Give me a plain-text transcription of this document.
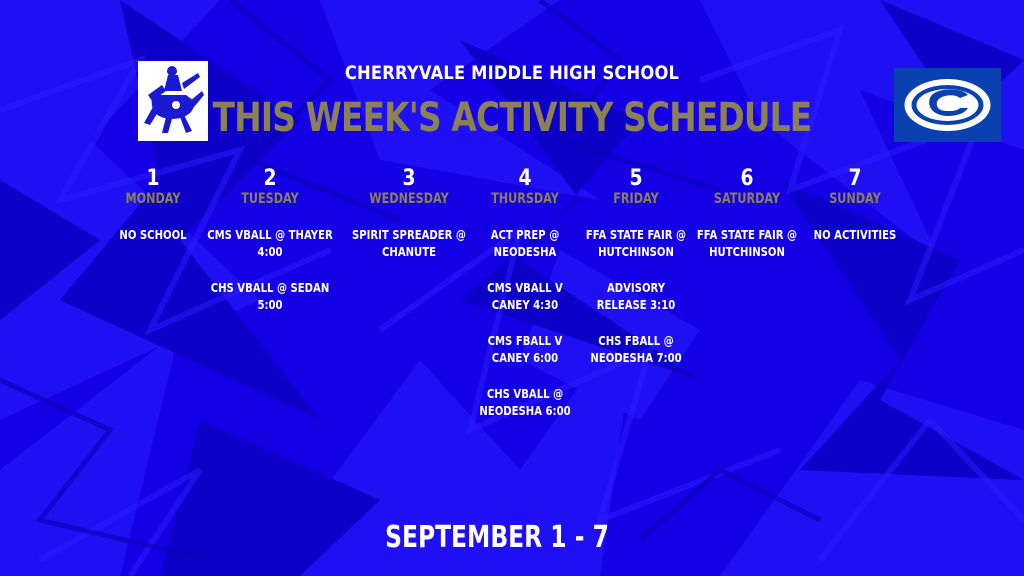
CHERRYVALE MIDDLE HIGH SCHOOL
THIS WEEK'S ACTIVITY SCHEDULE
1
MONDAY
NO SCHOOL
2
TUESDAY
CMS VBALL @ THAYER
4:00
CHS VBALL @ SEDAN
5:00
3
WEDNESDAY
SPIRIT SPREADER @
CHANUTE
4
THURSDAY
ACT PREP @
NEODESHA
CMS VBALL V
CANEY 4:30
CMS FBALL V
CANEY 6:00
CHS VBALL @
NEODESHA 6:00
5
FRIDAY
FFA STATE FAIR @
HUTCHINSON
ADVISORY
RELEASE 3:10
CHS FBALL @
NEODESHA 7:00
6
SATURDAY
FFA STATE FAIR @
HUTCHINSON
7
SUNDAY
NO ACTIVITIES
SEPTEMBER 1 - 7
